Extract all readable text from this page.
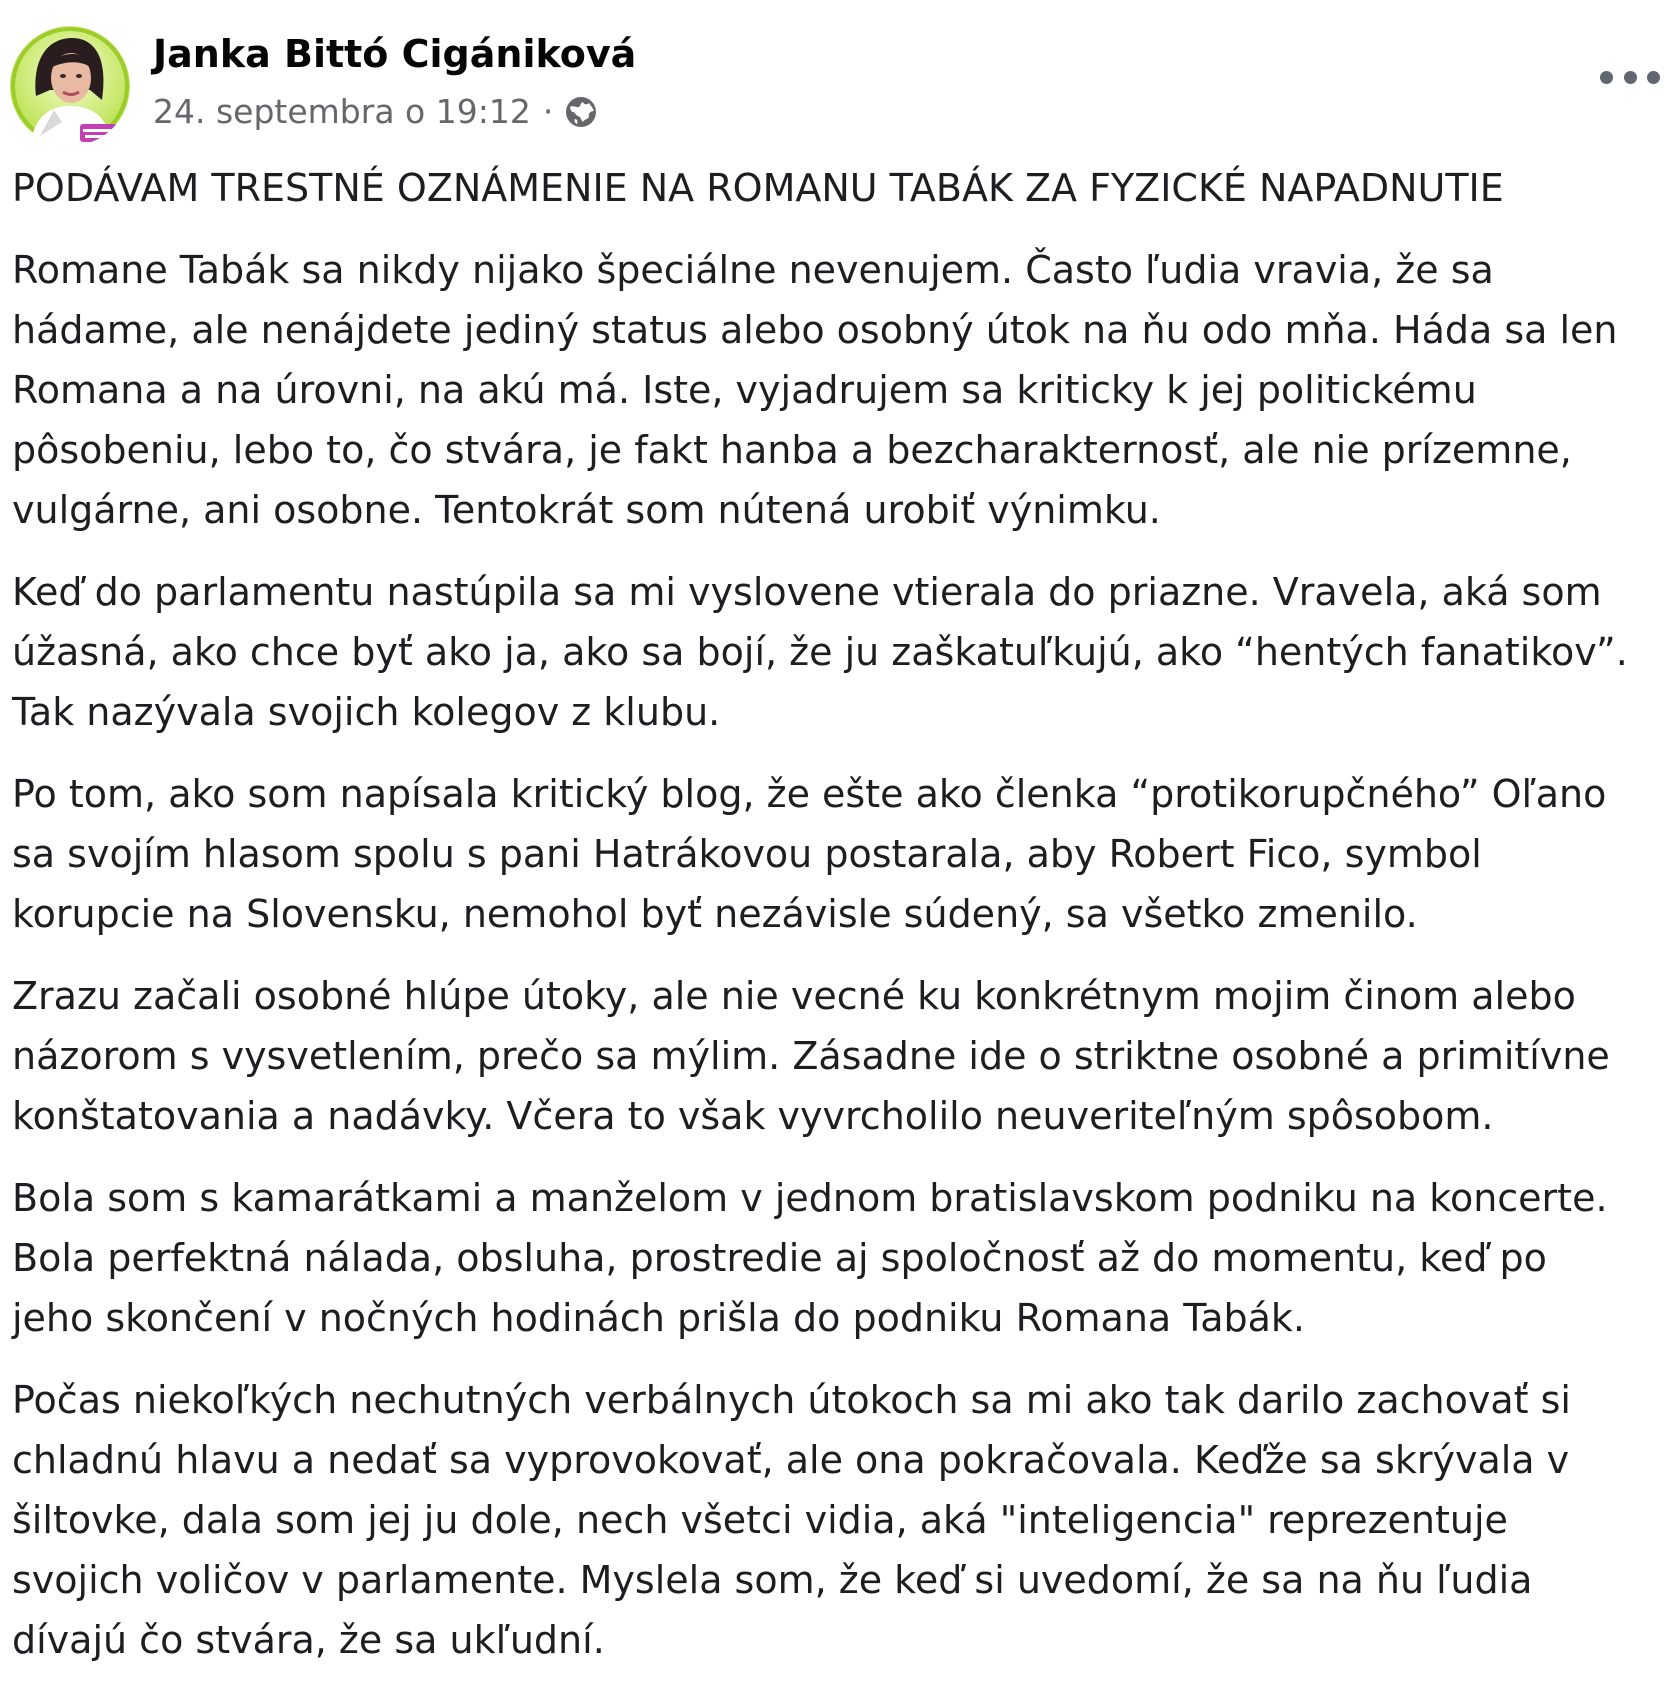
Janka Bittó Cigániková
24. septembra o 19:12 ·

PODÁVAM TRESTNÉ OZNÁMENIE NA ROMANU TABÁK ZA FYZICKÉ NAPADNUTIE

Romane Tabák sa nikdy nijako špeciálne nevenujem. Často ľudia vravia, že sa

hádame, ale nenájdete jediný status alebo osobný útok na ňu odo mňa. Háda sa len

Romana a na úrovni, na akú má. Iste, vyjadrujem sa kriticky k jej politickému

pôsobeniu, lebo to, čo stvára, je fakt hanba a bezcharakternosť, ale nie prízemne,

vulgárne, ani osobne. Tentokrát som nútená urobiť výnimku.

Keď do parlamentu nastúpila sa mi vyslovene vtierala do priazne. Vravela, aká som

úžasná, ako chce byť ako ja, ako sa bojí, že ju zaškatuľkujú, ako “hentých fanatikov”.

Tak nazývala svojich kolegov z klubu.

Po tom, ako som napísala kritický blog, že ešte ako členka “protikorupčného” Oľano

sa svojím hlasom spolu s pani Hatrákovou postarala, aby Robert Fico, symbol

korupcie na Slovensku, nemohol byť nezávisle súdený, sa všetko zmenilo.

Zrazu začali osobné hlúpe útoky, ale nie vecné ku konkrétnym mojim činom alebo

názorom s vysvetlením, prečo sa mýlim. Zásadne ide o striktne osobné a primitívne

konštatovania a nadávky. Včera to však vyvrcholilo neuveriteľným spôsobom.

Bola som s kamarátkami a manželom v jednom bratislavskom podniku na koncerte.

Bola perfektná nálada, obsluha, prostredie aj spoločnosť až do momentu, keď po

jeho skončení v nočných hodinách prišla do podniku Romana Tabák.

Počas niekoľkých nechutných verbálnych útokoch sa mi ako tak darilo zachovať si

chladnú hlavu a nedať sa vyprovokovať, ale ona pokračovala. Keďže sa skrývala v

šiltovke, dala som jej ju dole, nech všetci vidia, aká "inteligencia" reprezentuje

svojich voličov v parlamente. Myslela som, že keď si uvedomí, že sa na ňu ľudia

dívajú čo stvára, že sa ukľudní.
